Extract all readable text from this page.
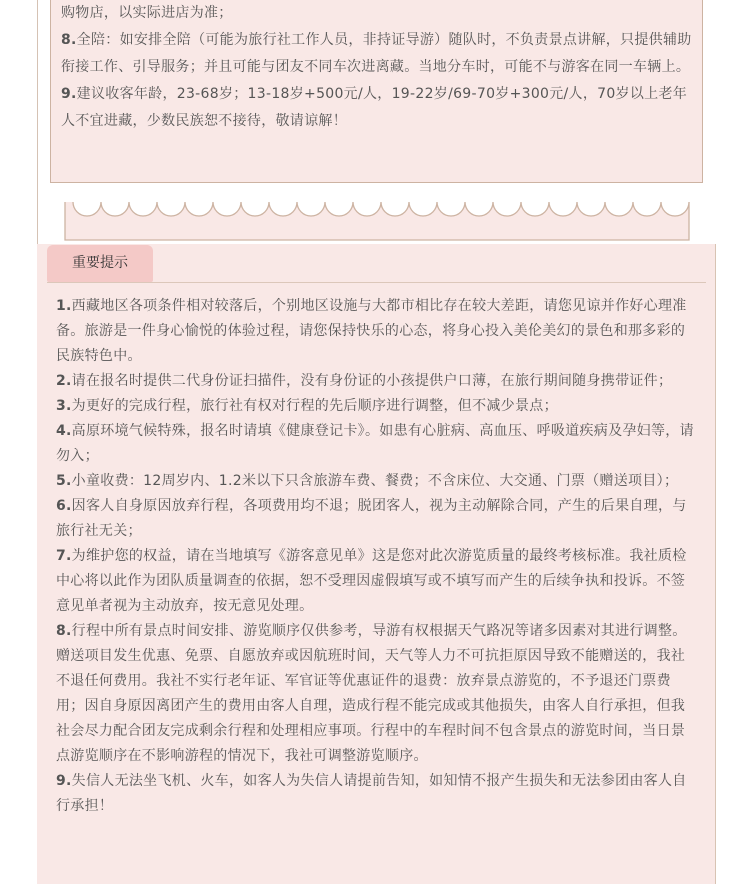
购物店，以实际进店为准；

8.全陪：如安排全陪（可能为旅行社工作人员，非持证导游）随队时，不负责景点讲解，只提供辅助衔接工作、引导服务；并且可能与团友不同车次进离藏。当地分车时，可能不与游客在同一车辆上。

9.建议收客年龄，23-68岁；13-18岁+500元/人，19-22岁/69-70岁+300元/人，70岁以上老年人不宜进藏，少数民族恕不接待，敬请谅解！

重要提示

1.西藏地区各项条件相对较落后，个别地区设施与大都市相比存在较大差距，请您见谅并作好心理准备。旅游是一件身心愉悦的体验过程，请您保持快乐的心态，将身心投入美伦美幻的景色和那多彩的民族特色中。

2.请在报名时提供二代身份证扫描件，没有身份证的小孩提供户口薄，在旅行期间随身携带证件；

3.为更好的完成行程，旅行社有权对行程的先后顺序进行调整，但不减少景点；

4.高原环境气候特殊，报名时请填《健康登记卡》。如患有心脏病、高血压、呼吸道疾病及孕妇等，请勿入；

5.小童收费：12周岁内、1.2米以下只含旅游车费、餐费；不含床位、大交通、门票（赠送项目）；

6.因客人自身原因放弃行程，各项费用均不退；脱团客人，视为主动解除合同，产生的后果自理，与旅行社无关；

7.为维护您的权益，请在当地填写《游客意见单》这是您对此次游览质量的最终考核标准。我社质检中心将以此作为团队质量调查的依据，恕不受理因虚假填写或不填写而产生的后续争执和投诉。不签意见单者视为主动放弃，按无意见处理。

8.行程中所有景点时间安排、游览顺序仅供参考，导游有权根据天气路况等诸多因素对其进行调整。赠送项目发生优惠、免票、自愿放弃或因航班时间，天气等人力不可抗拒原因导致不能赠送的，我社不退任何费用。我社不实行老年证、军官证等优惠证件的退费：放弃景点游览的，不予退还门票费用；因自身原因离团产生的费用由客人自理，造成行程不能完成或其他损失，由客人自行承担，但我社会尽力配合团友完成剩余行程和处理相应事项。行程中的车程时间不包含景点的游览时间，当日景点游览顺序在不影响游程的情况下，我社可调整游览顺序。

9.失信人无法坐飞机、火车，如客人为失信人请提前告知，如知情不报产生损失和无法参团由客人自行承担！
